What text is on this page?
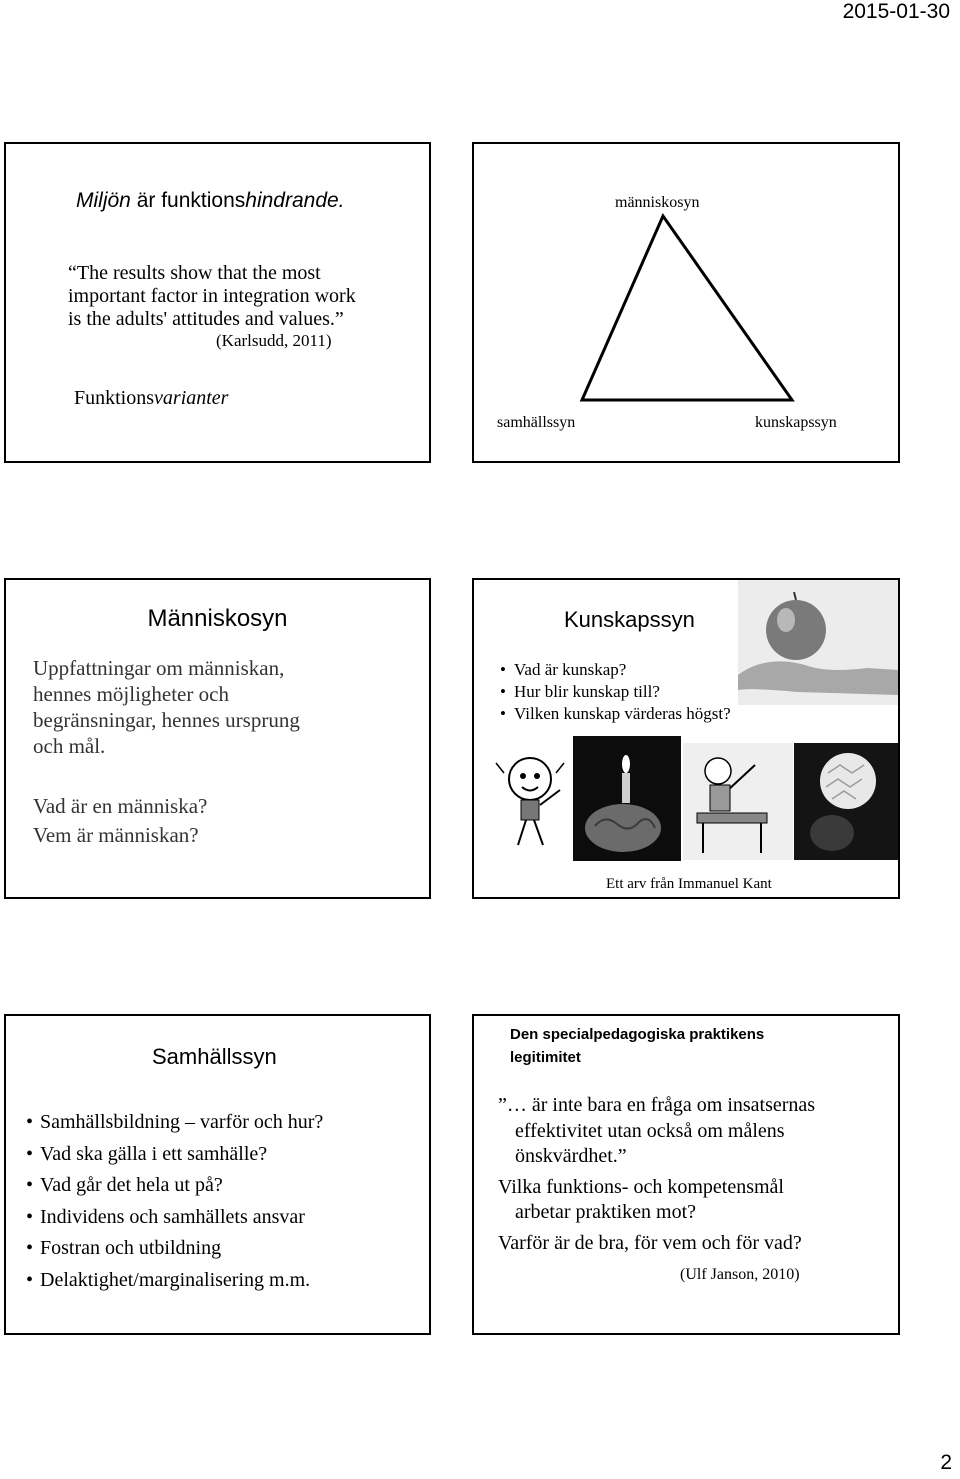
2015-01-30
Miljön är funktionshindrande.
“The results show that the most
important factor in integration work
is the adults' attitudes and values.”
(Karlsudd, 2011)
Funktionsvarianter
människosyn
samhällssyn	kunskapssyn
Människosyn
Uppfattningar om människan,
hennes möjligheter och
begränsningar, hennes ursprung
och mål.
Vad är en människa?
Vem är människan?
Kunskapssyn
• Vad är kunskap?
• Hur blir kunskap till?
• Vilken kunskap värderas högst?
Ett arv från Immanuel Kant
Samhällssyn
• Samhällsbildning – varför och hur?
• Vad ska gälla i ett samhälle?
• Vad går det hela ut på?
• Individens och samhällets ansvar
• Fostran och utbildning
• Delaktighet/marginalisering m.m.
Den specialpedagogiska praktikens
legitimitet
”… är inte bara en fråga om insatsernas
effektivitet utan också om målens
önskvärdhet.”
Vilka funktions- och kompetensmål
arbetar praktiken mot?
Varför är de bra, för vem och för vad?
(Ulf Janson, 2010)
2
